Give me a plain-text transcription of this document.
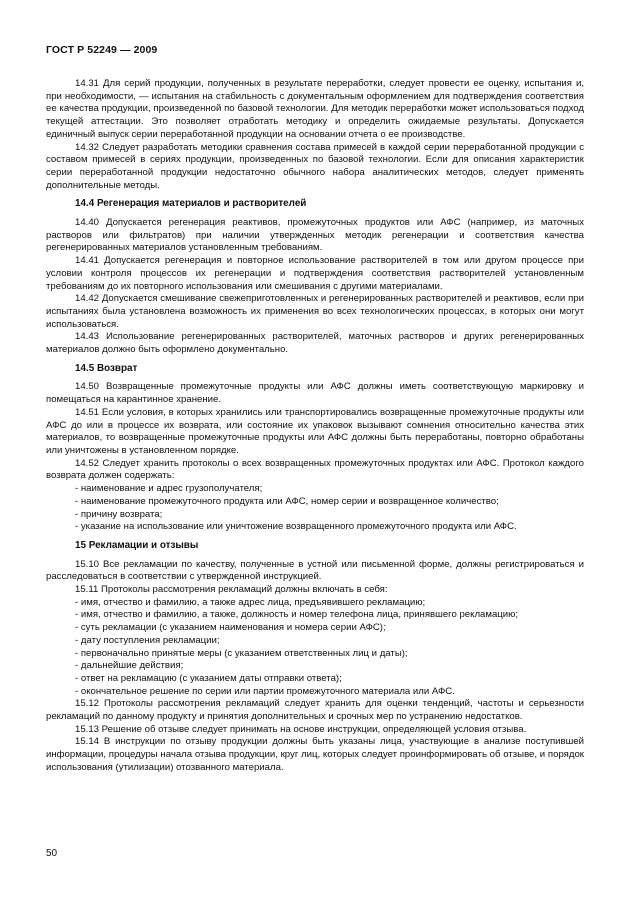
ГОСТ Р 52249 — 2009

14.31 Для серий продукции, полученных в результате переработки, следует провести ее оценку, испытания и, при необходимости, — испытания на стабильность с документальным оформлением для подтверждения соответствия ее качества продукции, произведенной по базовой технологии. Для методик переработки может использоваться подход текущей аттестации. Это позволяет отработать методику и определить ожидаемые результаты. Допускается единичный выпуск серии переработанной продукции на основании отчета о ее производстве.

14.32 Следует разработать методики сравнения состава примесей в каждой серии переработанной продукции с составом примесей в сериях продукции, произведенных по базовой технологии. Если для описания характеристик серии переработанной продукции недостаточно обычного набора аналитических методов, следует применять дополнительные методы.

14.4 Регенерация материалов и растворителей

14.40 Допускается регенерация реактивов, промежуточных продуктов или АФС (например, из маточных растворов или фильтратов) при наличии утвержденных методик регенерации и соответствия качества регенерированных материалов установленным требованиям.

14.41 Допускается регенерация и повторное использование растворителей в том или другом процессе при условии контроля процессов их регенерации и подтверждения соответствия растворителей установленным требованиям до их повторного использования или смешивания с другими материалами.

14.42 Допускается смешивание свежеприготовленных и регенерированных растворителей и реактивов, если при испытаниях была установлена возможность их применения во всех технологических процессах, в которых они могут использоваться.

14.43 Использование регенерированных растворителей, маточных растворов и других регенерированных материалов должно быть оформлено документально.

14.5 Возврат

14.50 Возвращенные промежуточные продукты или АФС должны иметь соответствующую маркировку и помещаться на карантинное хранение.

14.51 Если условия, в которых хранились или транспортировались возвращенные промежуточные продукты или АФС до или в процессе их возврата, или состояние их упаковок вызывают сомнения относительно качества этих материалов, то возвращенные промежуточные продукты или АФС должны быть переработаны, повторно обработаны или уничтожены в установленном порядке.

14.52 Следует хранить протоколы о всех возвращенных промежуточных продуктах или АФС. Протокол каждого возврата должен содержать:

- наименование и адрес грузополучателя;

- наименование промежуточного продукта или АФС, номер серии и возвращенное количество;

- причину возврата;

- указание на использование или уничтожение возвращенного промежуточного продукта или АФС.

15 Рекламации и отзывы

15.10 Все рекламации по качеству, полученные в устной или письменной форме, должны регистрироваться и расследоваться в соответствии с утвержденной инструкцией.

15.11 Протоколы рассмотрения рекламаций должны включать в себя:

- имя, отчество и фамилию, а также адрес лица, предъявившего рекламацию;

- имя, отчество и фамилию, а также, должность и номер телефона лица, принявшего рекламацию;

- суть рекламации (с указанием наименования и номера серии АФС);

- дату поступления рекламации;

- первоначально принятые меры (с указанием ответственных лиц и даты);

- дальнейшие действия;

- ответ на рекламацию (с указанием даты отправки ответа);

- окончательное решение по серии или партии промежуточного материала или АФС.

15.12 Протоколы рассмотрения рекламаций следует хранить для оценки тенденций, частоты и серьезности рекламаций по данному продукту и принятия дополнительных и срочных мер по устранению недостатков.

15.13 Решение об отзыве следует принимать на основе инструкции, определяющей условия отзыва.

15.14 В инструкции по отзыву продукции должны быть указаны лица, участвующие в анализе поступившей информации, процедуры начала отзыва продукции, круг лиц, которых следует проинформировать об отзыве, и порядок использования (утилизации) отозванного материала.

50
